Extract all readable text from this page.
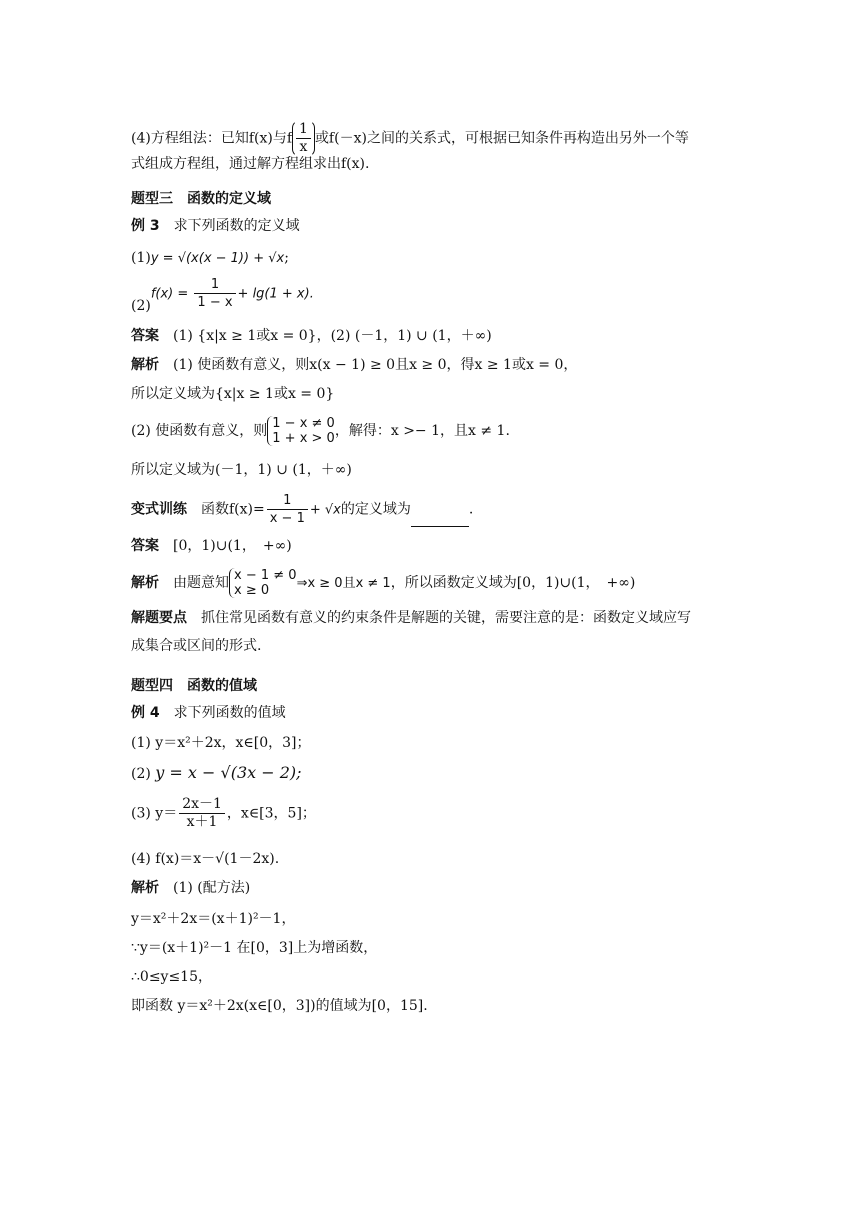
(4)方程组法：已知f(x)与f $\frac{1}{x}$ 或f(－x)之间的关系式，可根据已知条件再构造出另外一个等
式组成方程组，通过解方程组求出f(x).
题型三　函数的定义域
例 3　 求下列函数的定义域
(1)y = √(x(x − 1)) + √x;
$(2)f(x) = \frac{1}{1 - x} + \lg(1 + x)$.
答案　 (1) {x|x ≥ 1或x = 0}，(2) (－1，1) ∪ (1，＋∞)
解析　 (1) 使函数有意义，则x(x − 1) ≥ 0且x ≥ 0，得x ≥ 1或x = 0，
所以定义域为{x|x ≥ 1或x = 0}
(2) 使函数有意义，则 1 − x ≠ 0
1 + x > 0 ，解得：x >− 1，且x ≠ 1.
所以定义域为(－1，1) ∪ (1，＋∞)
变式训练　 函数$f(x)= \frac{1}{x - 1} + √x$的定义域为	.
答案　 [0，1)∪(1，　+∞)
解析　 由题意知 x − 1 ≠ 0
x ≥ 0	⇒x ≥ 0且x ≠ 1，所以函数定义域为[0，1)∪(1，　+∞)
解题要点　 抓住常见函数有意义的约束条件是解题的关键，需要注意的是：函数定义域应写
成集合或区间的形式.
题型四　函数的值域
例 4　 求下列函数的值域
(1) y＝x²＋2x，x∈[0，3]；
(2) y = x − √(3x − 2);
(3) $y= \frac{2x-1}{x+1}$ ，x∈[3，5]；
(4) f(x)＝x－√(1－2x).
解析　 (1) (配方法)
y＝x²＋2x＝(x＋1)²－1，
∵y＝(x＋1)²－1 在[0，3]上为增函数，
∴0≤y≤15，
即函数 y＝x²＋2x(x∈[0，3])的值域为[0，15].
